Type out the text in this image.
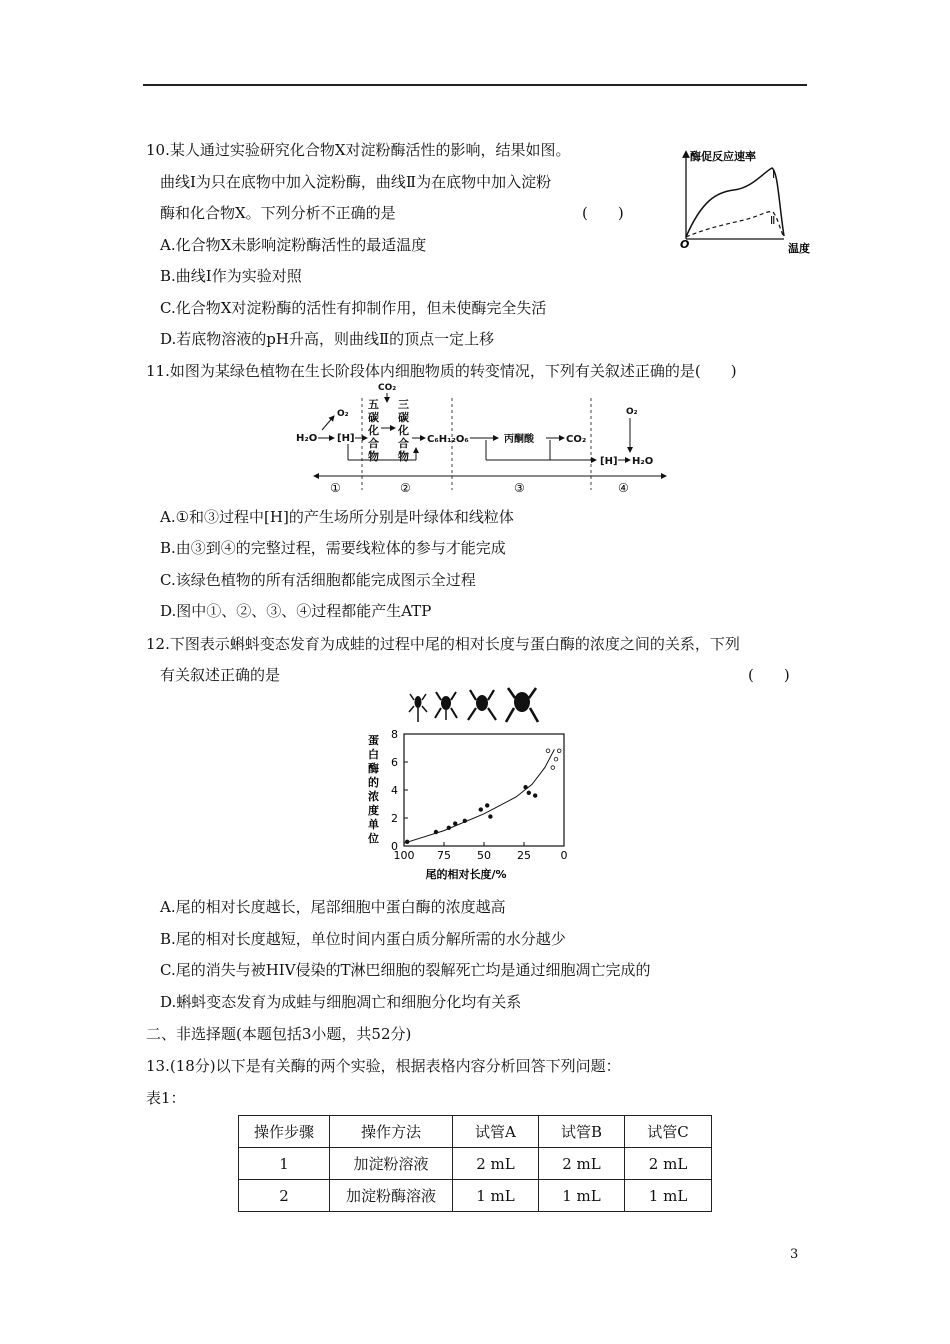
10.某人通过实验研究化合物X对淀粉酶活性的影响，结果如图。
曲线Ⅰ为只在底物中加入淀粉酶，曲线Ⅱ为在底物中加入淀粉
酶和化合物X。下列分析不正确的是	(　　)
A.化合物X未影响淀粉酶活性的最适温度
B.曲线Ⅰ作为实验对照
C.化合物X对淀粉酶的活性有抑制作用，但未使酶完全失活
D.若底物溶液的pH升高，则曲线Ⅱ的顶点一定上移
酶促反应速率
温度
O
Ⅰ
Ⅱ
11.如图为某绿色植物在生长阶段体内细胞物质的转变情况，下列有关叙述正确的是(　　)
H₂O [H]
O₂
CO₂
五
碳
化
合
物
三
碳
化
合
物
C₆H₁₂O₆	丙酮酸	CO₂
O₂
[H] H₂O
①	②	③	④
A.①和③过程中[H]的产生场所分别是叶绿体和线粒体
B.由③到④的完整过程，需要线粒体的参与才能完成
C.该绿色植物的所有活细胞都能完成图示全过程
D.图中①、②、③、④过程都能产生ATP
12.下图表示蝌蚪变态发育为成蛙的过程中尾的相对长度与蛋白酶的浓度之间的关系，下列
有关叙述正确的是	(　　)
蛋
白
酶
的
浓
度
单
位
0
2
4
6
8
100 75 50 25	0
尾的相对长度/%
A.尾的相对长度越长，尾部细胞中蛋白酶的浓度越高
B.尾的相对长度越短，单位时间内蛋白质分解所需的水分越少
C.尾的消失与被HIV侵染的T淋巴细胞的裂解死亡均是通过细胞凋亡完成的
D.蝌蚪变态发育为成蛙与细胞凋亡和细胞分化均有关系
二、非选择题(本题包括3小题，共52分)
13.(18分)以下是有关酶的两个实验，根据表格内容分析回答下列问题：
表1：
操作步骤	操作方法	试管A	试管B	试管C
1	加淀粉溶液	2 mL	2 mL	2 mL
2	加淀粉酶溶液	1 mL	1 mL	1 mL
3
